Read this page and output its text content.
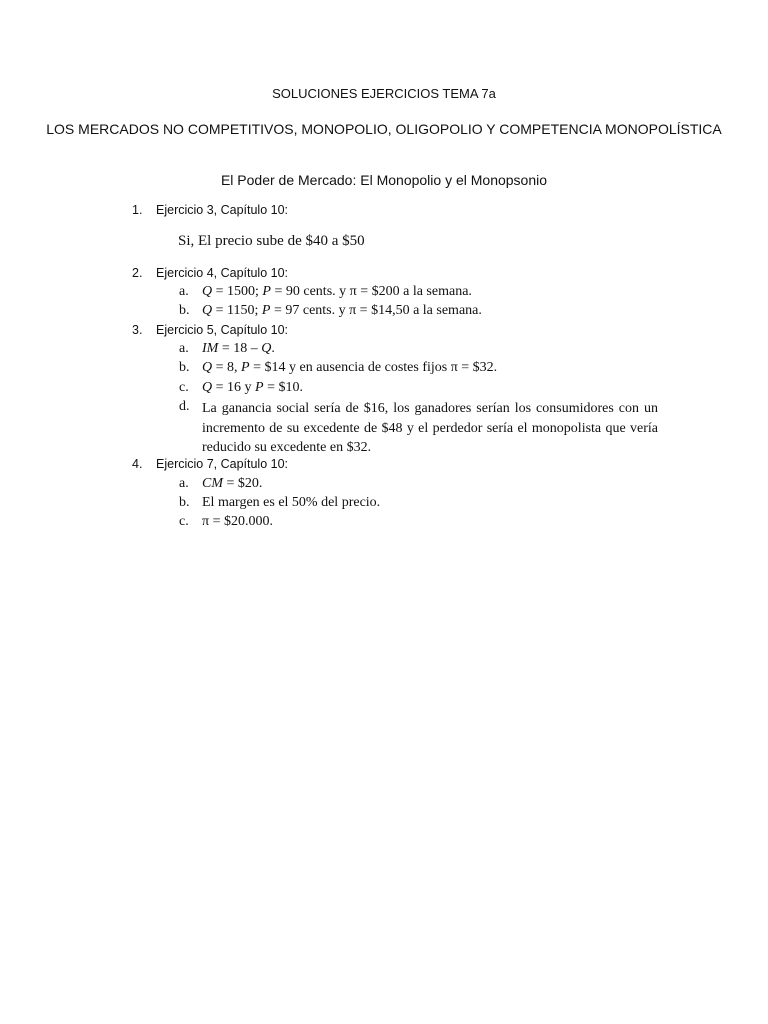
SOLUCIONES EJERCICIOS TEMA 7a
LOS MERCADOS NO COMPETITIVOS, MONOPOLIO, OLIGOPOLIO Y COMPETENCIA MONOPOLÍSTICA
El Poder de Mercado: El Monopolio y el Monopsonio
1. Ejercicio 3, Capítulo 10:
Si, El precio sube de $40 a $50
2. Ejercicio 4, Capítulo 10:
a. Q = 1500; P = 90 cents. y π = $200 a la semana.
b. Q = 1150; P = 97 cents. y π = $14,50 a la semana.
3. Ejercicio 5, Capítulo 10:
a. IM = 18 – Q.
b. Q = 8, P = $14 y en ausencia de costes fijos π = $32.
c. Q = 16 y P = $10.
d. La ganancia social sería de $16, los ganadores serían los consumidores con un incremento de su excedente de $48 y el perdedor sería el monopolista que vería reducido su excedente en $32.
4. Ejercicio 7, Capítulo 10:
a. CM = $20.
b. El margen es el 50% del precio.
c. π = $20.000.
